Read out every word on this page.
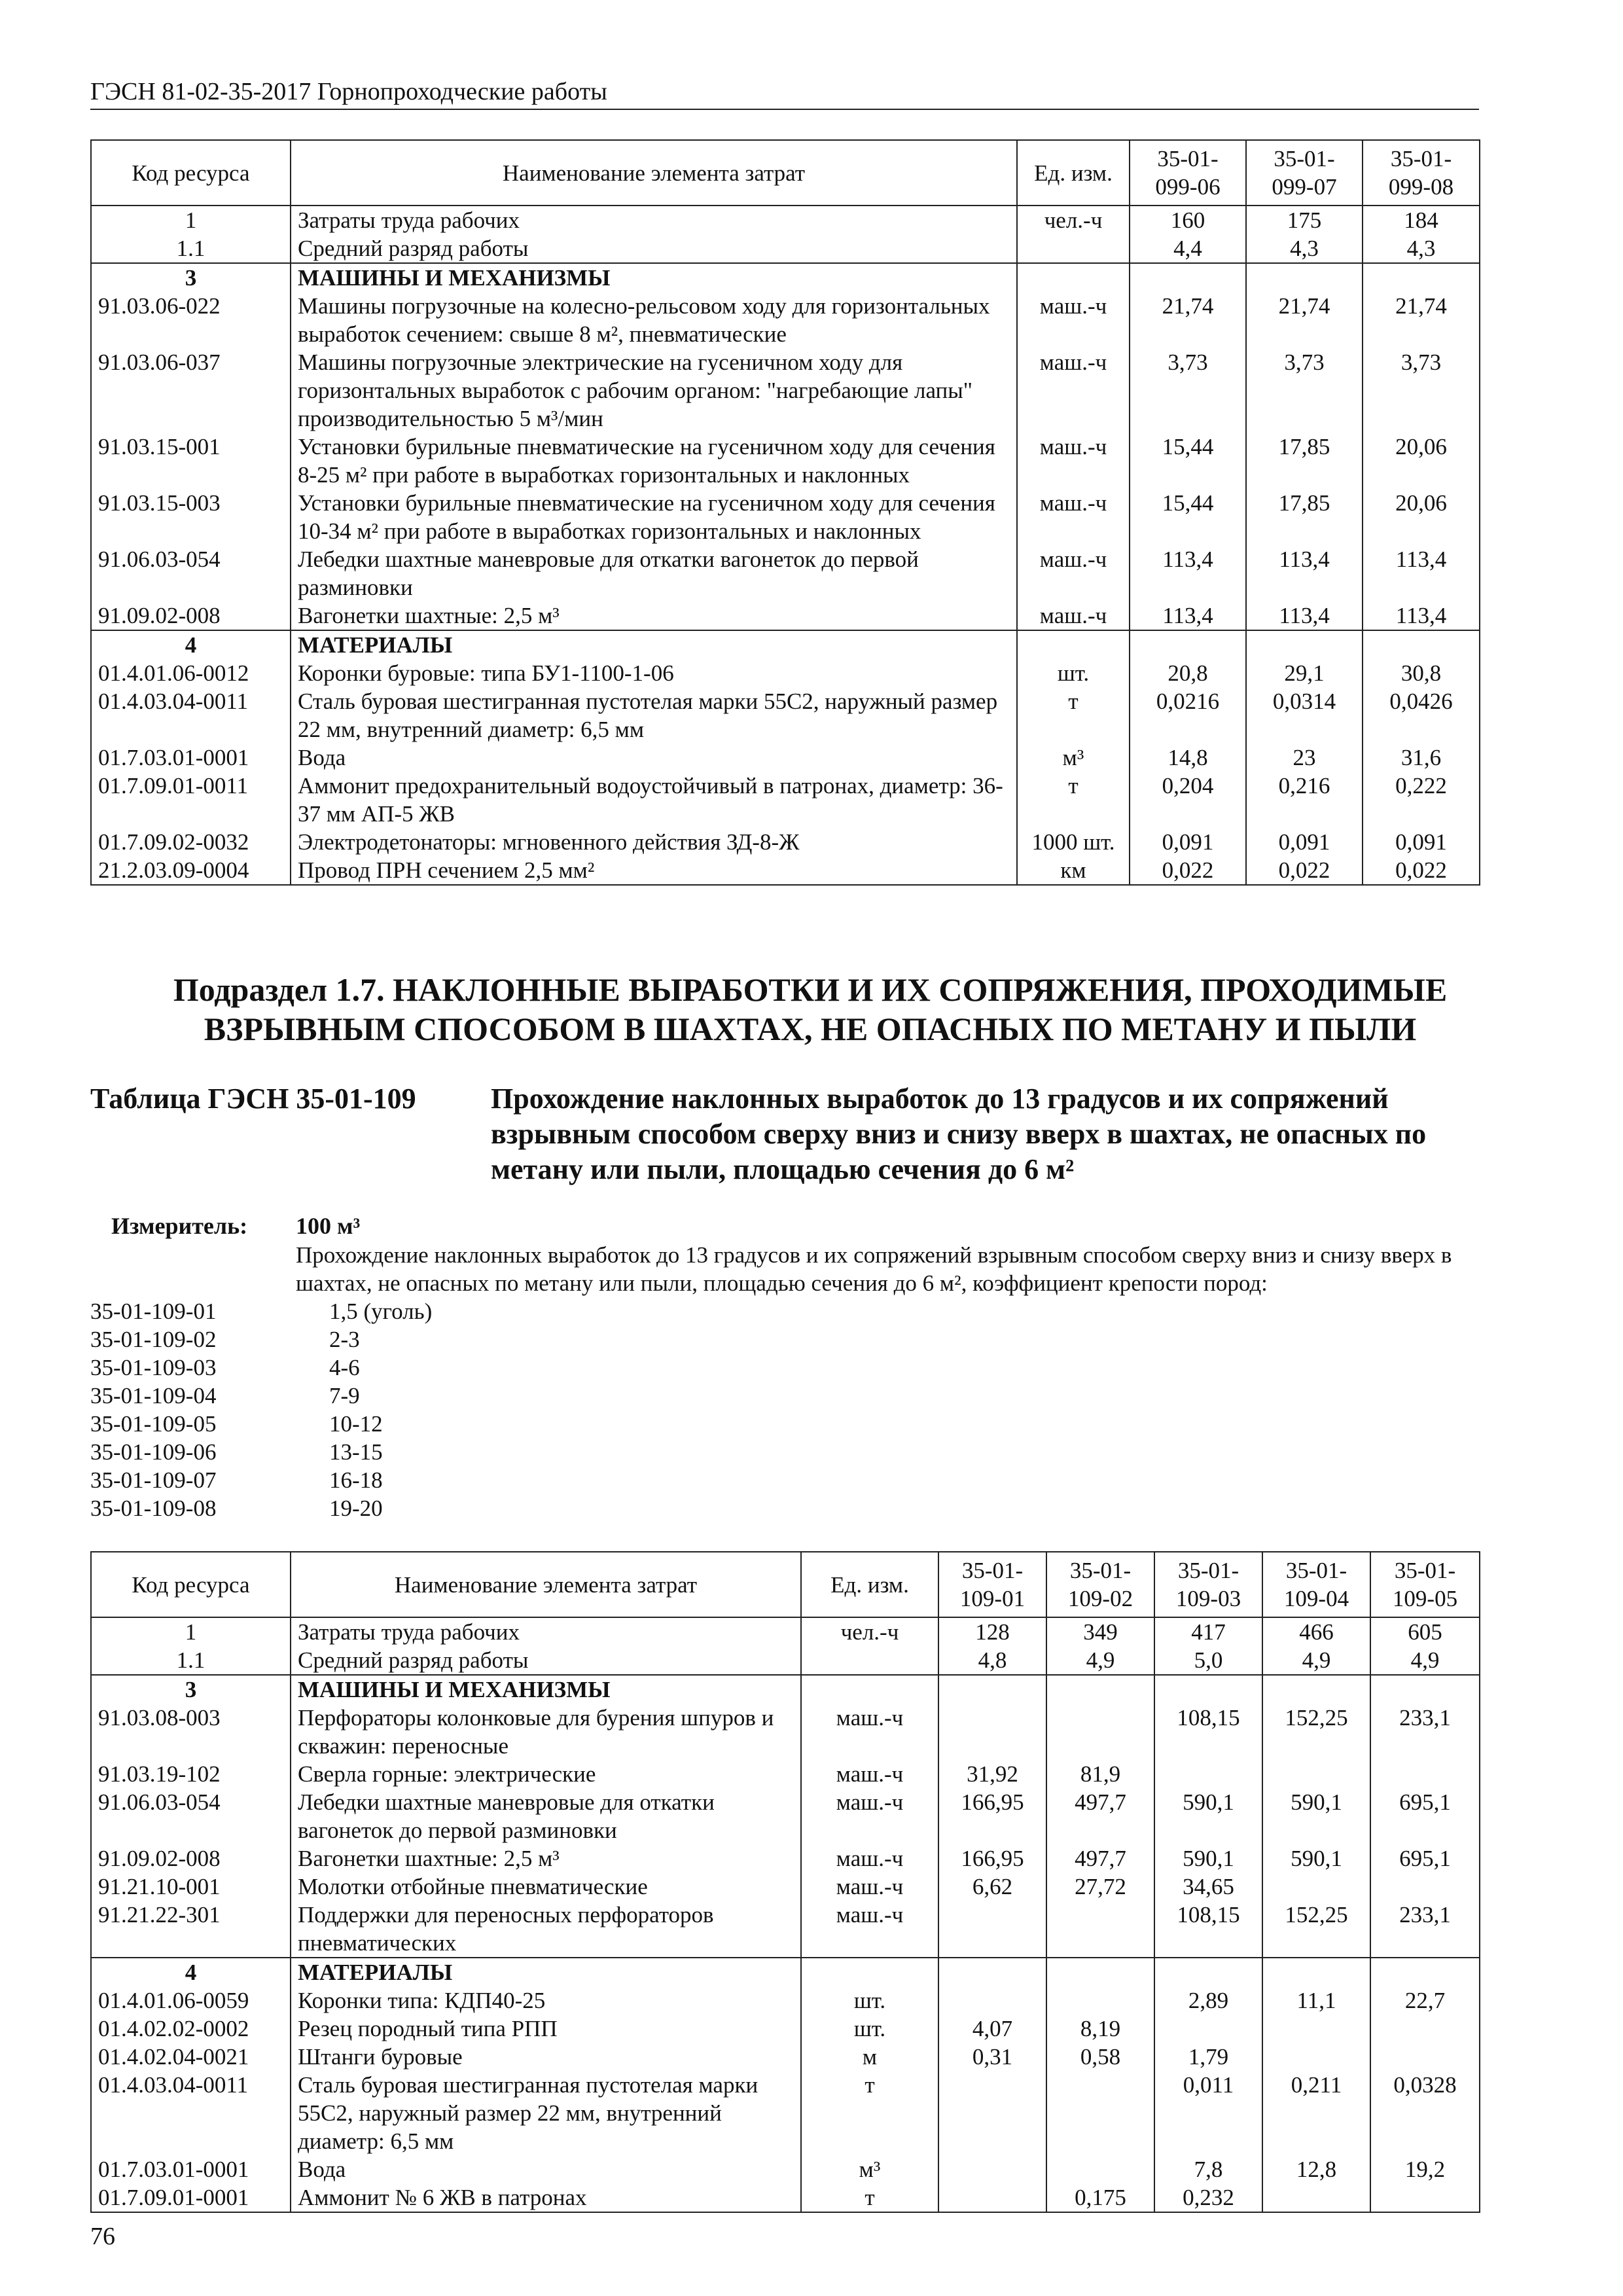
ГЭСН 81-02-35-2017 Горнопроходческие работы
Код ресурса	Наименование элемента затрат	Ед. изм.	35-01-
099-06	35-01-
099-07	35-01-
099-08
1	Затраты труда рабочих	чел.-ч	160	175	184
1.1	Средний разряд работы		4,4	4,3	4,3
3	МАШИНЫ И МЕХАНИЗМЫ				
91.03.06-022	Машины погрузочные на колесно-рельсовом ходу для горизонтальных выработок сечением: свыше 8 м², пневматические	маш.-ч	21,74	21,74	21,74
91.03.06-037	Машины погрузочные электрические на гусеничном ходу для горизонтальных выработок с рабочим органом: "нагребающие лапы" производительностью 5 м³/мин	маш.-ч	3,73	3,73	3,73
91.03.15-001	Установки бурильные пневматические на гусеничном ходу для сечения 8-25 м² при работе в выработках горизонтальных и наклонных	маш.-ч	15,44	17,85	20,06
91.03.15-003	Установки бурильные пневматические на гусеничном ходу для сечения 10-34 м² при работе в выработках горизонтальных и наклонных	маш.-ч	15,44	17,85	20,06
91.06.03-054	Лебедки шахтные маневровые для откатки вагонеток до первой разминовки	маш.-ч	113,4	113,4	113,4
91.09.02-008	Вагонетки шахтные: 2,5 м³	маш.-ч	113,4	113,4	113,4
4	МАТЕРИАЛЫ				
01.4.01.06-0012	Коронки буровые: типа БУ1-1100-1-06	шт.	20,8	29,1	30,8
01.4.03.04-0011	Сталь буровая шестигранная пустотелая марки 55С2, наружный размер 22 мм, внутренний диаметр: 6,5 мм	т	0,0216	0,0314	0,0426
01.7.03.01-0001	Вода	м³	14,8	23	31,6
01.7.09.01-0011	Аммонит предохранительный водоустойчивый в патронах, диаметр: 36-37 мм АП-5 ЖВ	т	0,204	0,216	0,222
01.7.09.02-0032	Электродетонаторы: мгновенного действия ЗД-8-Ж	1000 шт.	0,091	0,091	0,091
21.2.03.09-0004	Провод ПРН сечением 2,5 мм²	км	0,022	0,022	0,022
Подраздел 1.7. НАКЛОННЫЕ ВЫРАБОТКИ И ИХ СОПРЯЖЕНИЯ, ПРОХОДИМЫЕ
ВЗРЫВНЫМ СПОСОБОМ В ШАХТАХ, НЕ ОПАСНЫХ ПО МЕТАНУ И ПЫЛИ
Таблица ГЭСН 35-01-109	Прохождение наклонных выработок до 13 градусов и их сопряжений взрывным способом сверху вниз и снизу вверх в шахтах, не опасных по метану или пыли, площадью сечения до 6 м²
Измеритель: 100 м³
Прохождение наклонных выработок до 13 градусов и их сопряжений взрывным способом сверху вниз и снизу вверх в шахтах, не опасных по метану или пыли, площадью сечения до 6 м², коэффициент крепости пород:
35-01-109-01	1,5 (уголь)
35-01-109-02	2-3
35-01-109-03	4-6
35-01-109-04	7-9
35-01-109-05	10-12
35-01-109-06	13-15
35-01-109-07	16-18
35-01-109-08	19-20
Код ресурса	Наименование элемента затрат	Ед. изм.	35-01-
109-01	35-01-
109-02	35-01-
109-03	35-01-
109-04	35-01-
109-05
1	Затраты труда рабочих	чел.-ч	128	349	417	466	605
1.1	Средний разряд работы		4,8	4,9	5,0	4,9	4,9
3	МАШИНЫ И МЕХАНИЗМЫ						
91.03.08-003	Перфораторы колонковые для бурения шпуров и скважин: переносные	маш.-ч			108,15	152,25	233,1
91.03.19-102	Сверла горные: электрические	маш.-ч	31,92	81,9			
91.06.03-054	Лебедки шахтные маневровые для откатки вагонеток до первой разминовки	маш.-ч	166,95	497,7	590,1	590,1	695,1
91.09.02-008	Вагонетки шахтные: 2,5 м³	маш.-ч	166,95	497,7	590,1	590,1	695,1
91.21.10-001	Молотки отбойные пневматические	маш.-ч	6,62	27,72	34,65		
91.21.22-301	Поддержки для переносных перфораторов пневматических	маш.-ч			108,15	152,25	233,1
4	МАТЕРИАЛЫ						
01.4.01.06-0059	Коронки типа: КДП40-25	шт.			2,89	11,1	22,7
01.4.02.02-0002	Резец породный типа РПП	шт.	4,07	8,19			
01.4.02.04-0021	Штанги буровые	м	0,31	0,58	1,79		
01.4.03.04-0011	Сталь буровая шестигранная пустотелая марки 55С2, наружный размер 22 мм, внутренний диаметр: 6,5 мм	т			0,011	0,211	0,0328
01.7.03.01-0001	Вода	м³			7,8	12,8	19,2
01.7.09.01-0001	Аммонит № 6 ЖВ в патронах	т		0,175	0,232		
76
